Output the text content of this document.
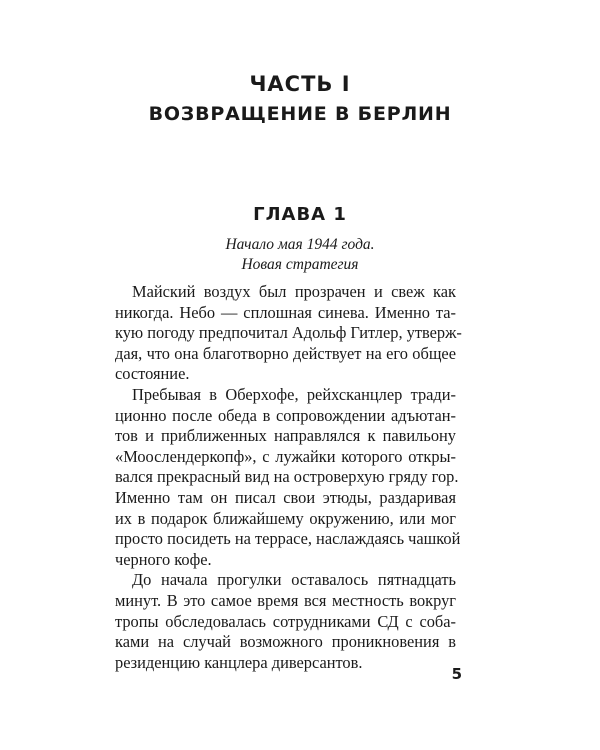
ЧАСТЬ I
ВОЗВРАЩЕНИЕ В БЕРЛИН
ГЛАВА 1
Начало мая 1944 года.
Новая стратегия
Майский воздух был прозрачен и свеж как
никогда. Небо — сплошная синева. Именно та-
кую погоду предпочитал Адольф Гитлер, утверж-
дая, что она благотворно действует на его общее
состояние.
Пребывая в Оберхофе, рейхсканцлер тради-
ционно после обеда в сопровождении адъютан-
тов и приближенных направлялся к павильону
«Моослендеркопф», с лужайки которого откры-
вался прекрасный вид на островерхую гряду гор.
Именно там он писал свои этюды, раздаривая
их в подарок ближайшему окружению, или мог
просто посидеть на террасе, наслаждаясь чашкой
черного кофе.
До начала прогулки оставалось пятнадцать
минут. В это самое время вся местность вокруг
тропы обследовалась сотрудниками СД с соба-
ками на случай возможного проникновения в
резиденцию канцлера диверсантов.
5
